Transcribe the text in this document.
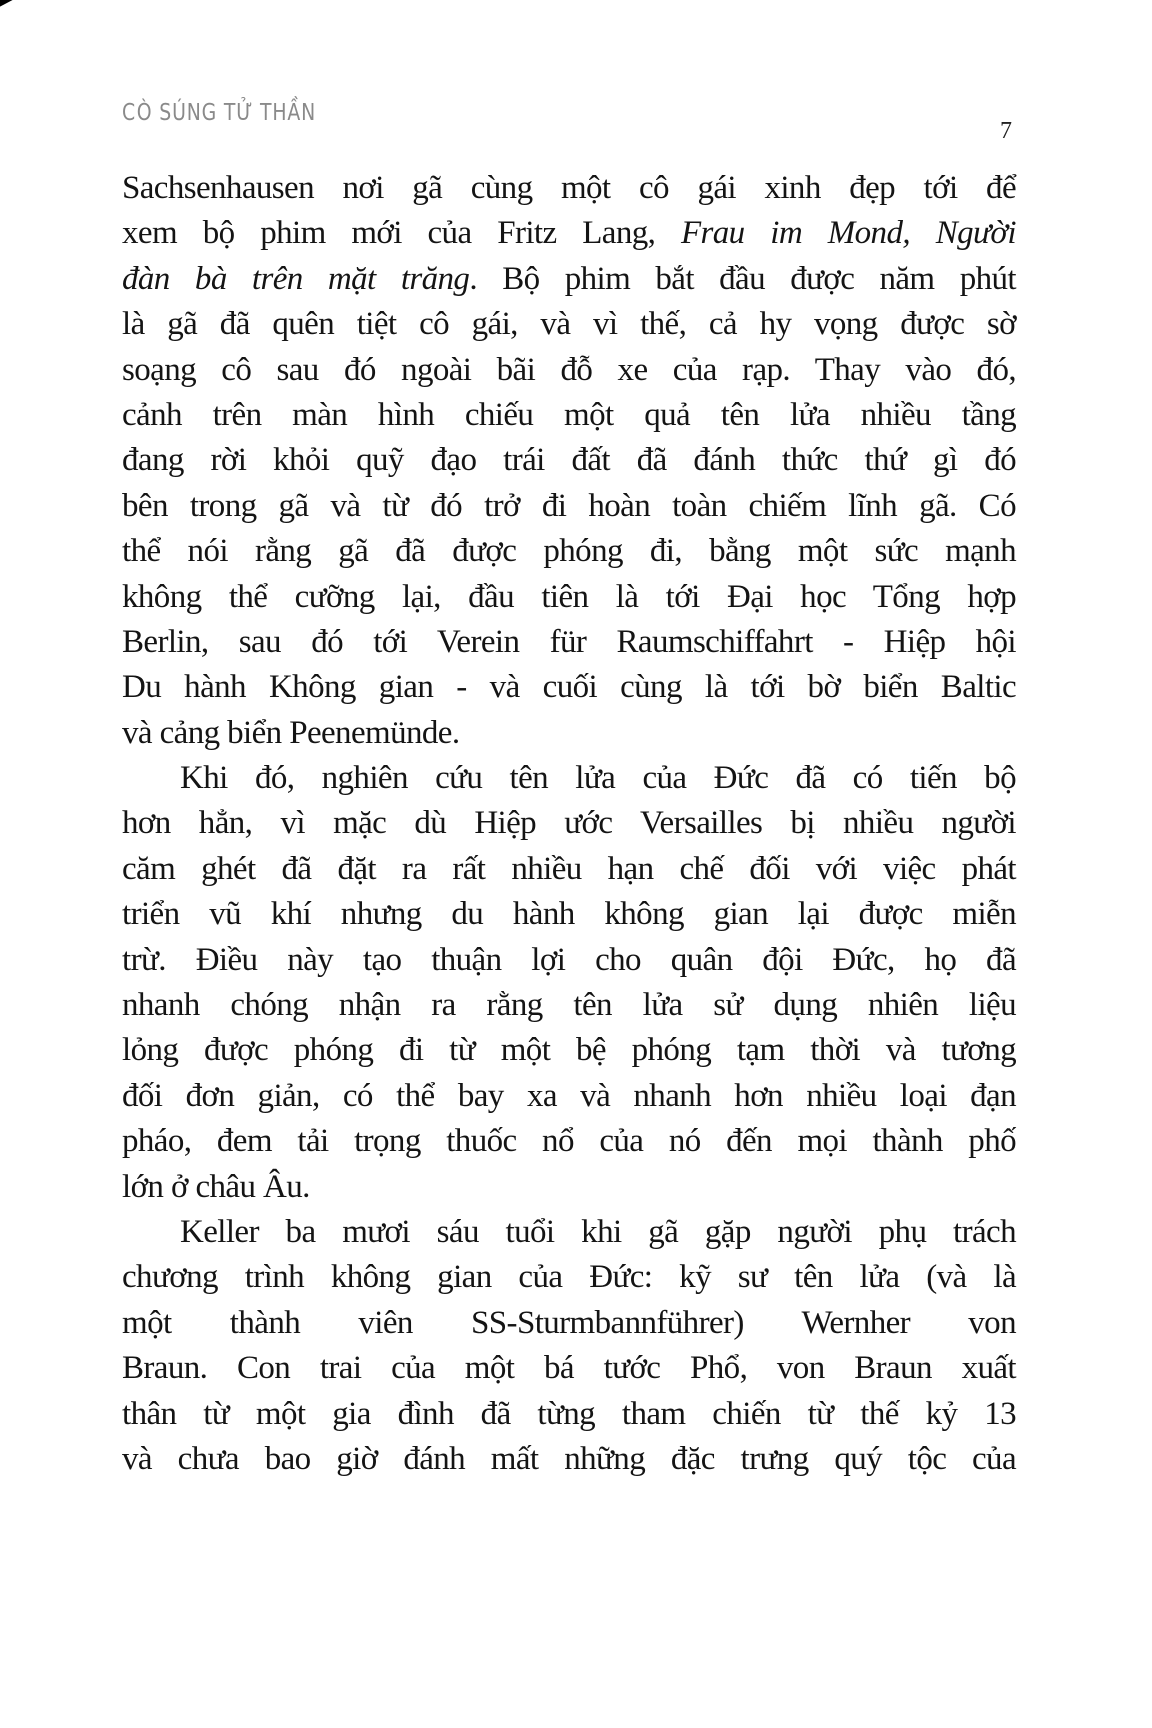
CÒ SÚNG TỬ THẦN
7
Sachsenhausen nơi gã cùng một cô gái xinh đẹp tới để
xem bộ phim mới của Fritz Lang, Frau im Mond, Người
đàn bà trên mặt trăng. Bộ phim bắt đầu được năm phút
là gã đã quên tiệt cô gái, và vì thế, cả hy vọng được sờ
soạng cô sau đó ngoài bãi đỗ xe của rạp. Thay vào đó,
cảnh trên màn hình chiếu một quả tên lửa nhiều tầng
đang rời khỏi quỹ đạo trái đất đã đánh thức thứ gì đó
bên trong gã và từ đó trở đi hoàn toàn chiếm lĩnh gã. Có
thể nói rằng gã đã được phóng đi, bằng một sức mạnh
không thể cưỡng lại, đầu tiên là tới Đại học Tổng hợp
Berlin, sau đó tới Verein für Raumschiffahrt - Hiệp hội
Du hành Không gian - và cuối cùng là tới bờ biển Baltic
và cảng biển Peenemünde.
Khi đó, nghiên cứu tên lửa của Đức đã có tiến bộ
hơn hẳn, vì mặc dù Hiệp ước Versailles bị nhiều người
căm ghét đã đặt ra rất nhiều hạn chế đối với việc phát
triển vũ khí nhưng du hành không gian lại được miễn
trừ. Điều này tạo thuận lợi cho quân đội Đức, họ đã
nhanh chóng nhận ra rằng tên lửa sử dụng nhiên liệu
lỏng được phóng đi từ một bệ phóng tạm thời và tương
đối đơn giản, có thể bay xa và nhanh hơn nhiều loại đạn
pháo, đem tải trọng thuốc nổ của nó đến mọi thành phố
lớn ở châu Âu.
Keller ba mươi sáu tuổi khi gã gặp người phụ trách
chương trình không gian của Đức: kỹ sư tên lửa (và là
một thành viên SS-Sturmbannführer) Wernher von
Braun. Con trai của một bá tước Phổ, von Braun xuất
thân từ một gia đình đã từng tham chiến từ thế kỷ 13
và chưa bao giờ đánh mất những đặc trưng quý tộc của
